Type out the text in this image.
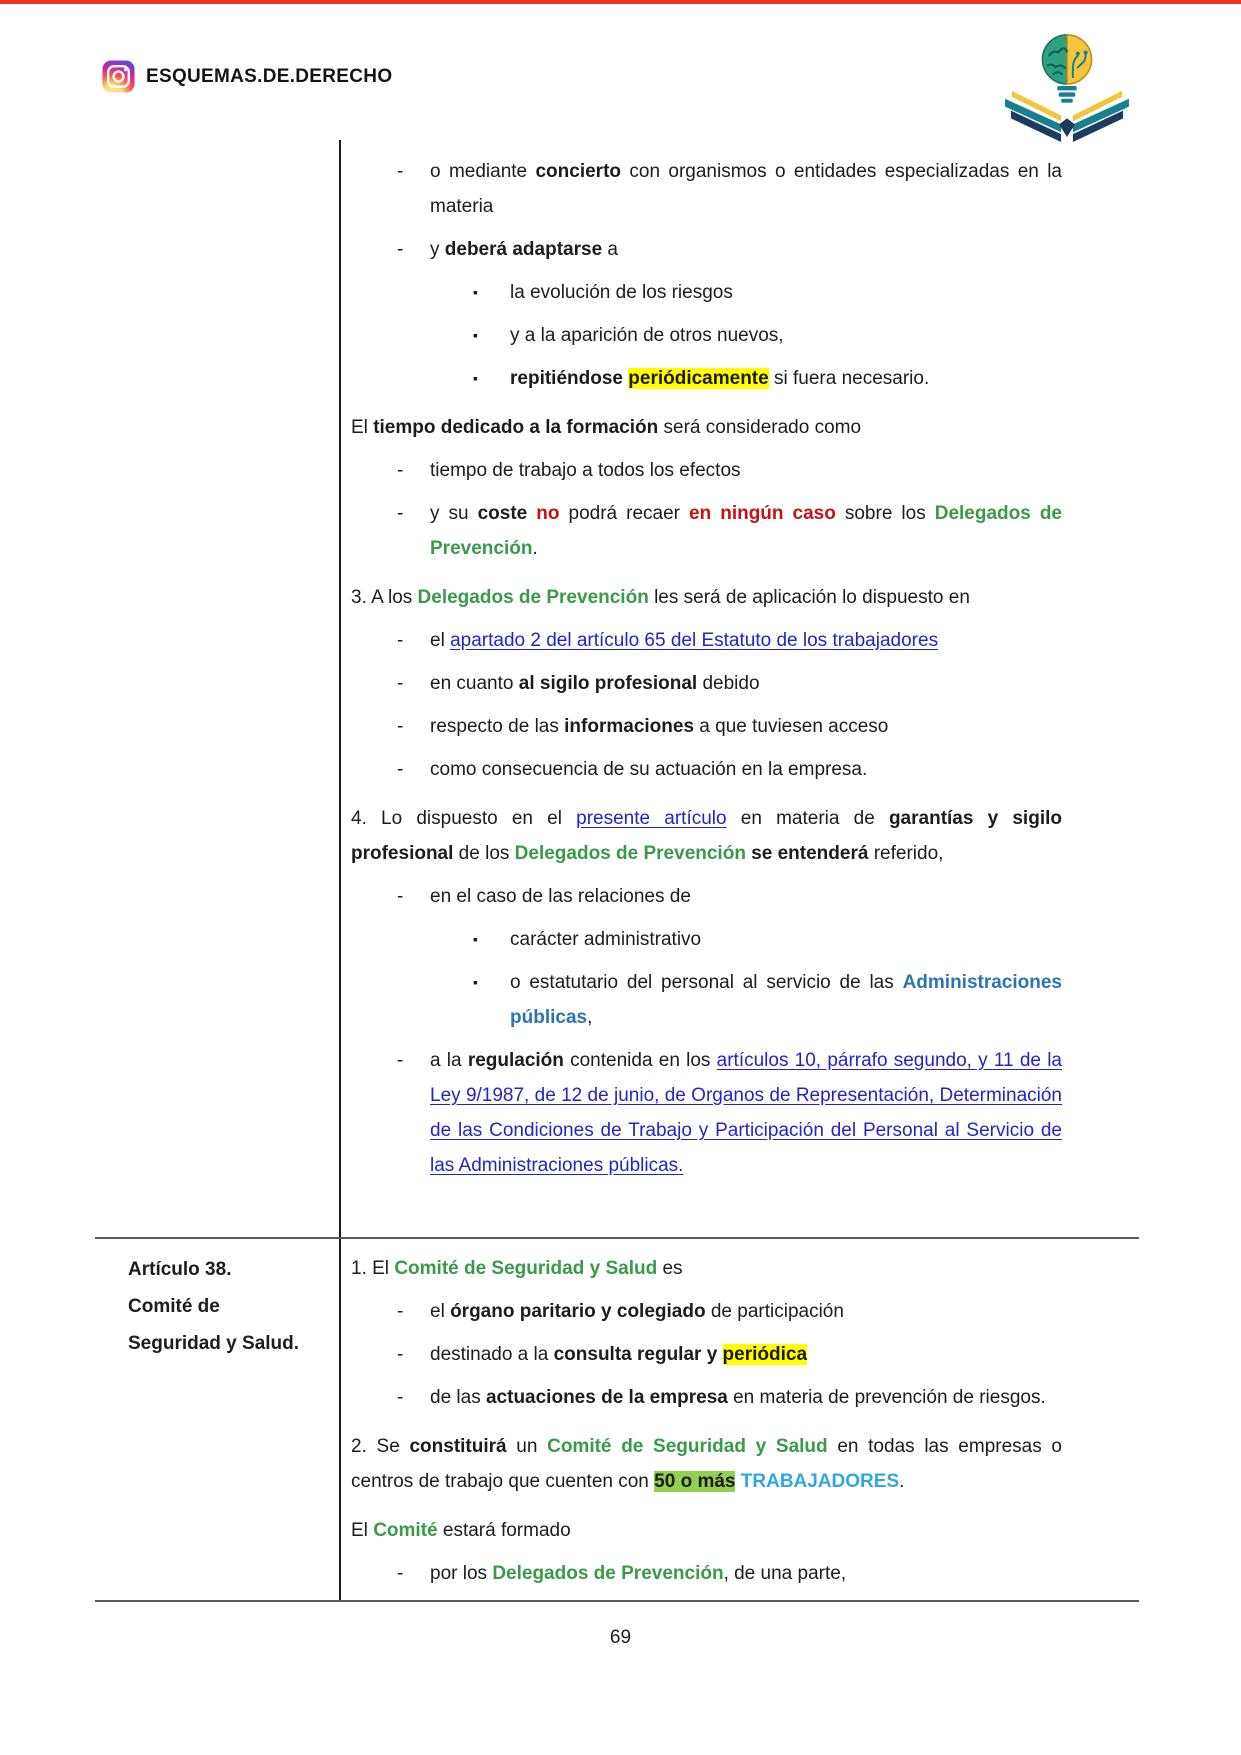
ESQUEMAS.DE.DERECHO
- o mediante concierto con organismos o entidades especializadas en la materia
- y deberá adaptarse a
▪ la evolución de los riesgos
▪ y a la aparición de otros nuevos,
▪ repitiéndose periódicamente si fuera necesario.
El tiempo dedicado a la formación será considerado como
- tiempo de trabajo a todos los efectos
- y su coste no podrá recaer en ningún caso sobre los Delegados de Prevención.
3. A los Delegados de Prevención les será de aplicación lo dispuesto en
- el apartado 2 del artículo 65 del Estatuto de los trabajadores
- en cuanto al sigilo profesional debido
- respecto de las informaciones a que tuviesen acceso
- como consecuencia de su actuación en la empresa.
4. Lo dispuesto en el presente artículo en materia de garantías y sigilo profesional de los Delegados de Prevención se entenderá referido,
- en el caso de las relaciones de
▪ carácter administrativo
▪ o estatutario del personal al servicio de las Administraciones públicas,
- a la regulación contenida en los artículos 10, párrafo segundo, y 11 de la Ley 9/1987, de 12 de junio, de Organos de Representación, Determinación de las Condiciones de Trabajo y Participación del Personal al Servicio de las Administraciones públicas.
Artículo 38. Comité de Seguridad y Salud.
1. El Comité de Seguridad y Salud es
- el órgano paritario y colegiado de participación
- destinado a la consulta regular y periódica
- de las actuaciones de la empresa en materia de prevención de riesgos.
2. Se constituirá un Comité de Seguridad y Salud en todas las empresas o centros de trabajo que cuenten con 50 o más TRABAJADORES.
El Comité estará formado
- por los Delegados de Prevención, de una parte,
69
